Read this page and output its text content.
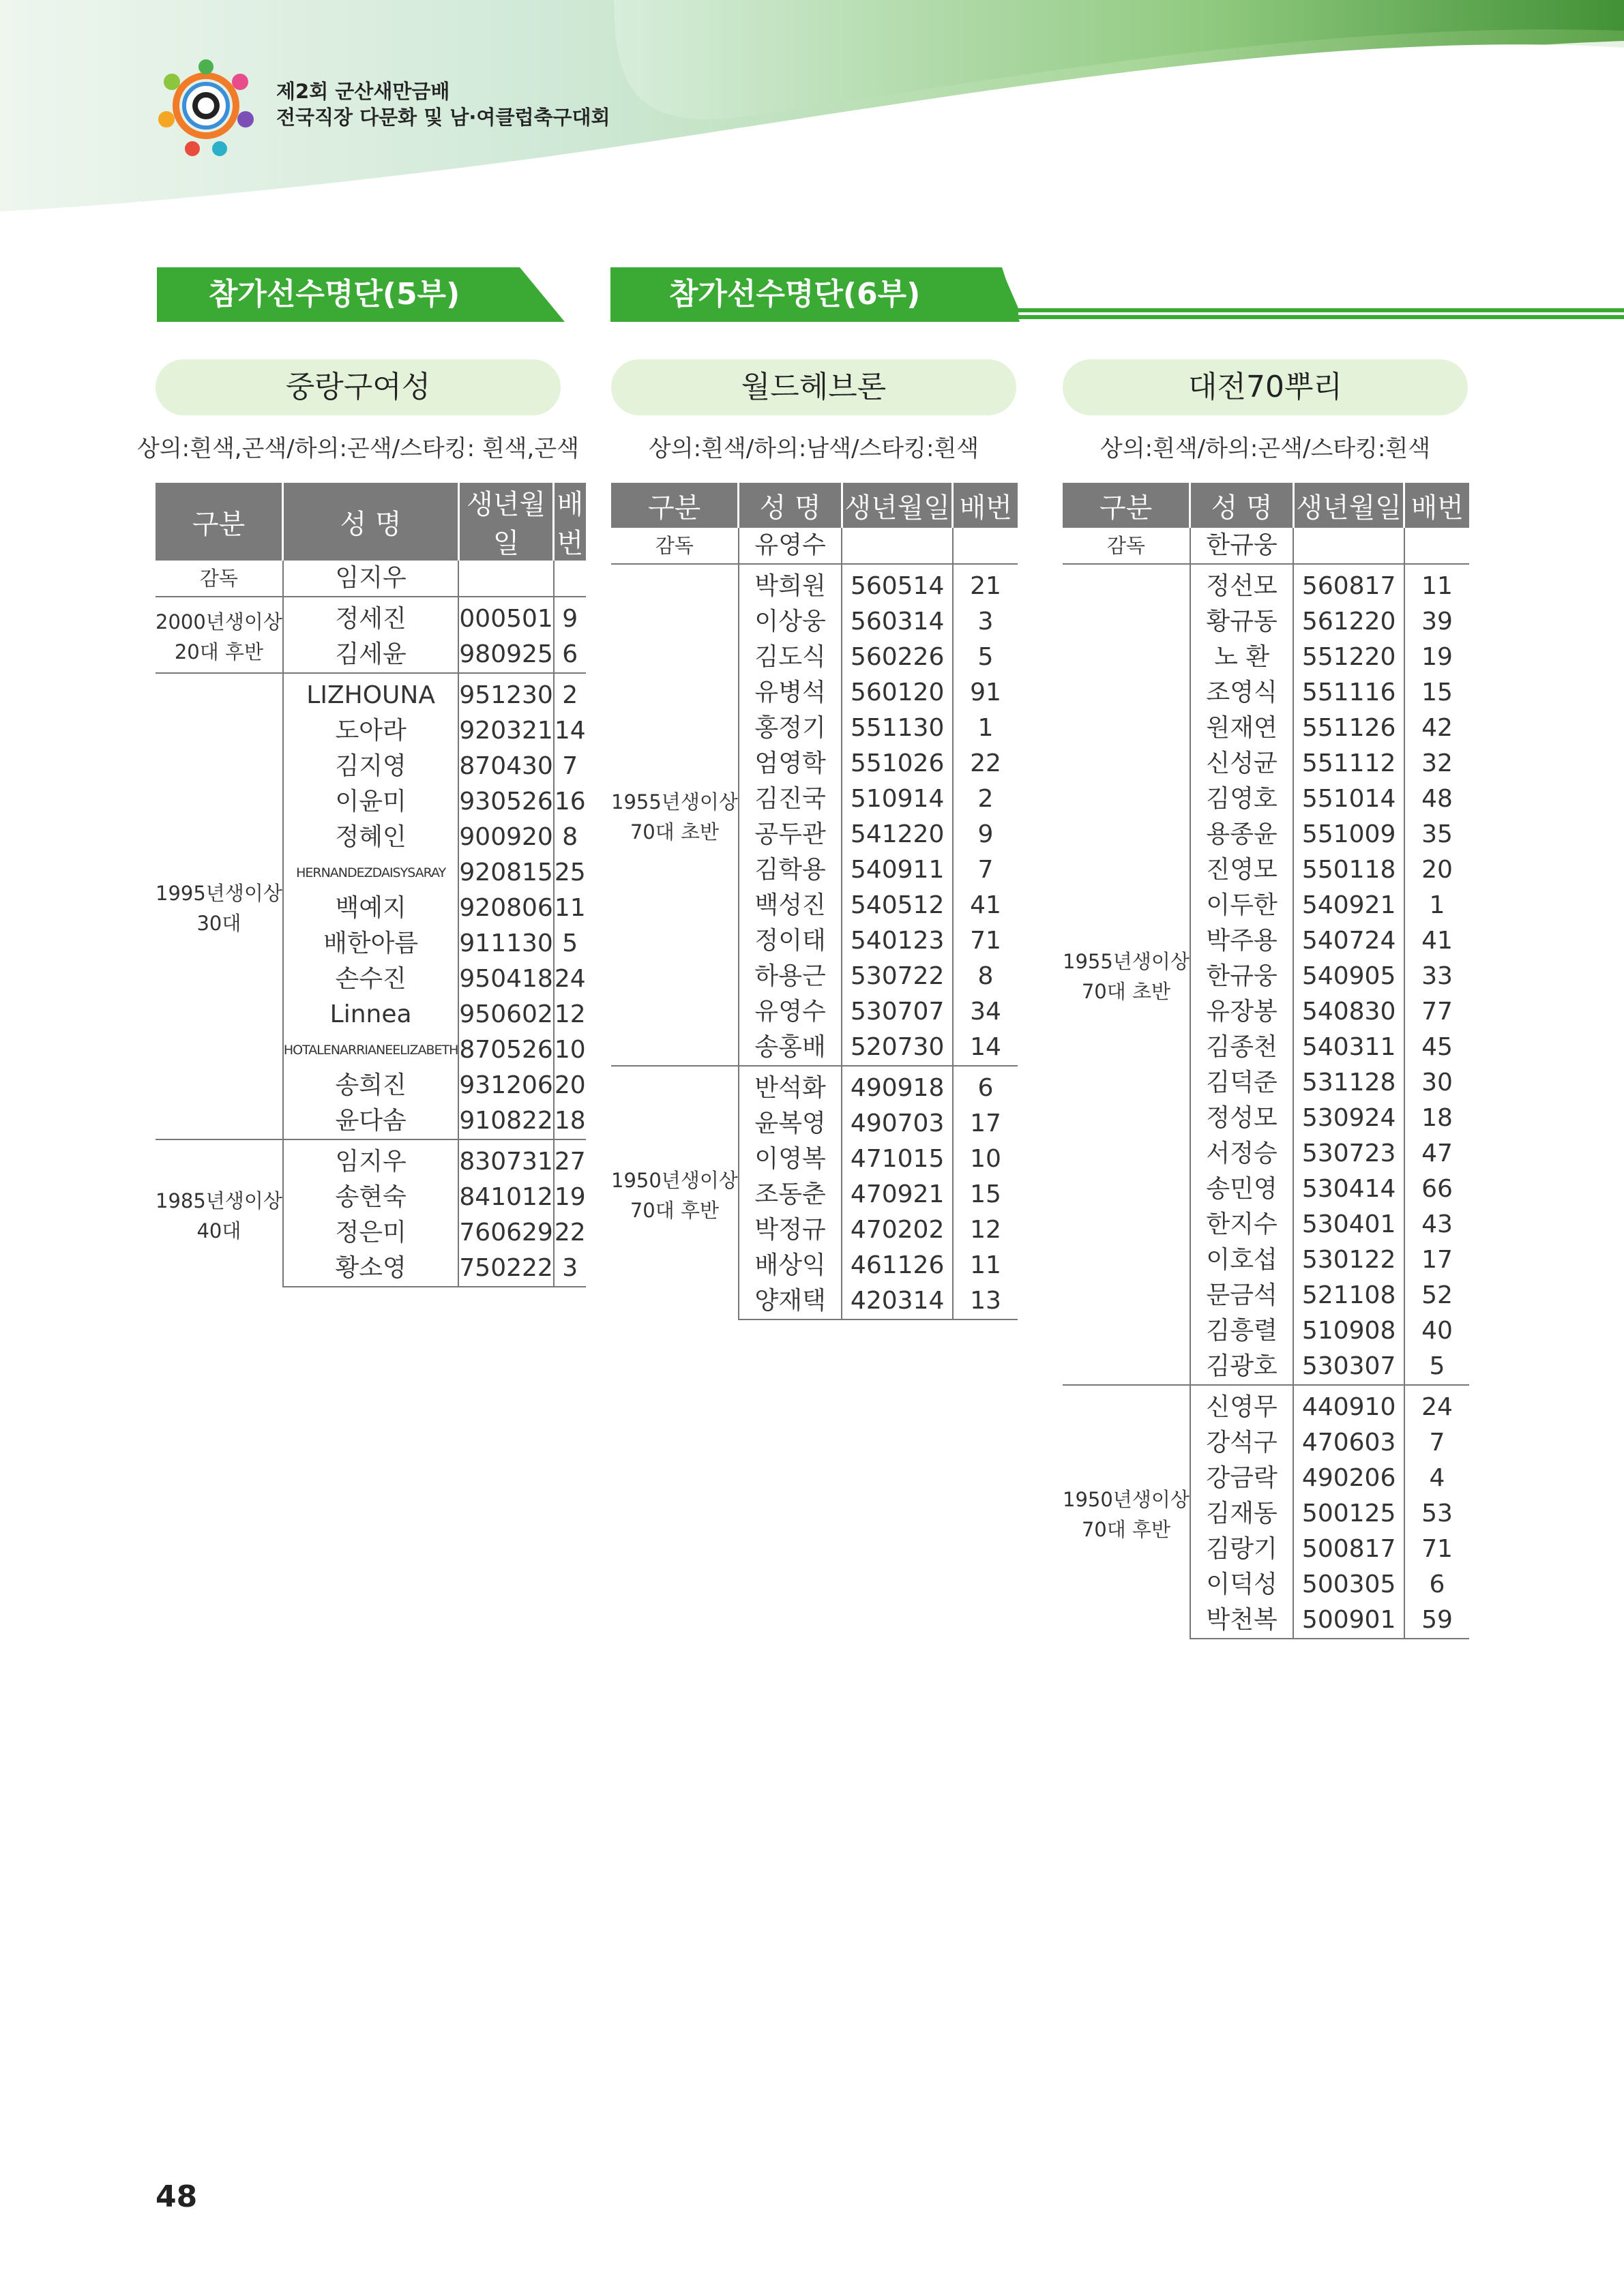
제2회 군산새만금배
전국직장 다문화 및 남·여클럽축구대회
참가선수명단(5부)	참가선수명단(6부)
중랑구여성	월드헤브론	대전70뿌리
상의:흰색,곤색/하의:곤색/스타킹: 흰색,곤색	상의:흰색/하의:남색/스타킹:흰색	상의:흰색/하의:곤색/스타킹:흰색
구분	성 명	생년월일	배번
감독	임지우		

2000년생이상
20대 후반	정세진	000501	9
	김세윤	980925	6

1995년생이상
30대	LIZHOUNA	951230	2
	도아라	920321	14
	김지영	870430	7
	이윤미	930526	16
	정혜인	900920	8
	HERNANDEZDAISYSARAY	920815	25
	백예지	920806	11
	배한아름	911130	5
	손수진	950418	24
	Linnea	950602	12
	HOTALENARRIANEELIZABETH	870526	10
	송희진	931206	20
	윤다솜	910822	18

1985년생이상
40대	임지우	830731	27
	송현숙	841012	19
	정은미	760629	22
	황소영	750222	3
구분	성 명	생년월일	배번
감독	유영수		

1955년생이상
70대 초반	박희원	560514	21
	이상웅	560314	3
	김도식	560226	5
	유병석	560120	91
	홍정기	551130	1
	엄영학	551026	22
	김진국	510914	2
	공두관	541220	9
	김학용	540911	7
	백성진	540512	41
	정이태	540123	71
	하용근	530722	8
	유영수	530707	34
	송홍배	520730	14

1950년생이상
70대 후반	반석화	490918	6
	윤복영	490703	17
	이영복	471015	10
	조동춘	470921	15
	박정규	470202	12
	배상익	461126	11
	양재택	420314	13
구분	성 명	생년월일	배번
감독	한규웅		

1955년생이상
70대 초반	정선모	560817	11
	황규동	561220	39
	노 환	551220	19
	조영식	551116	15
	원재연	551126	42
	신성균	551112	32
	김영호	551014	48
	용종윤	551009	35
	진영모	550118	20
	이두한	540921	1
	박주용	540724	41
	한규웅	540905	33
	유장봉	540830	77
	김종천	540311	45
	김덕준	531128	30
	정성모	530924	18
	서정승	530723	47
	송민영	530414	66
	한지수	530401	43
	이호섭	530122	17
	문금석	521108	52
	김흥렬	510908	40
	김광호	530307	5

1950년생이상
70대 후반	신영무	440910	24
	강석구	470603	7
	강금락	490206	4
	김재동	500125	53
	김랑기	500817	71
	이덕성	500305	6
	박천복	500901	59
48
